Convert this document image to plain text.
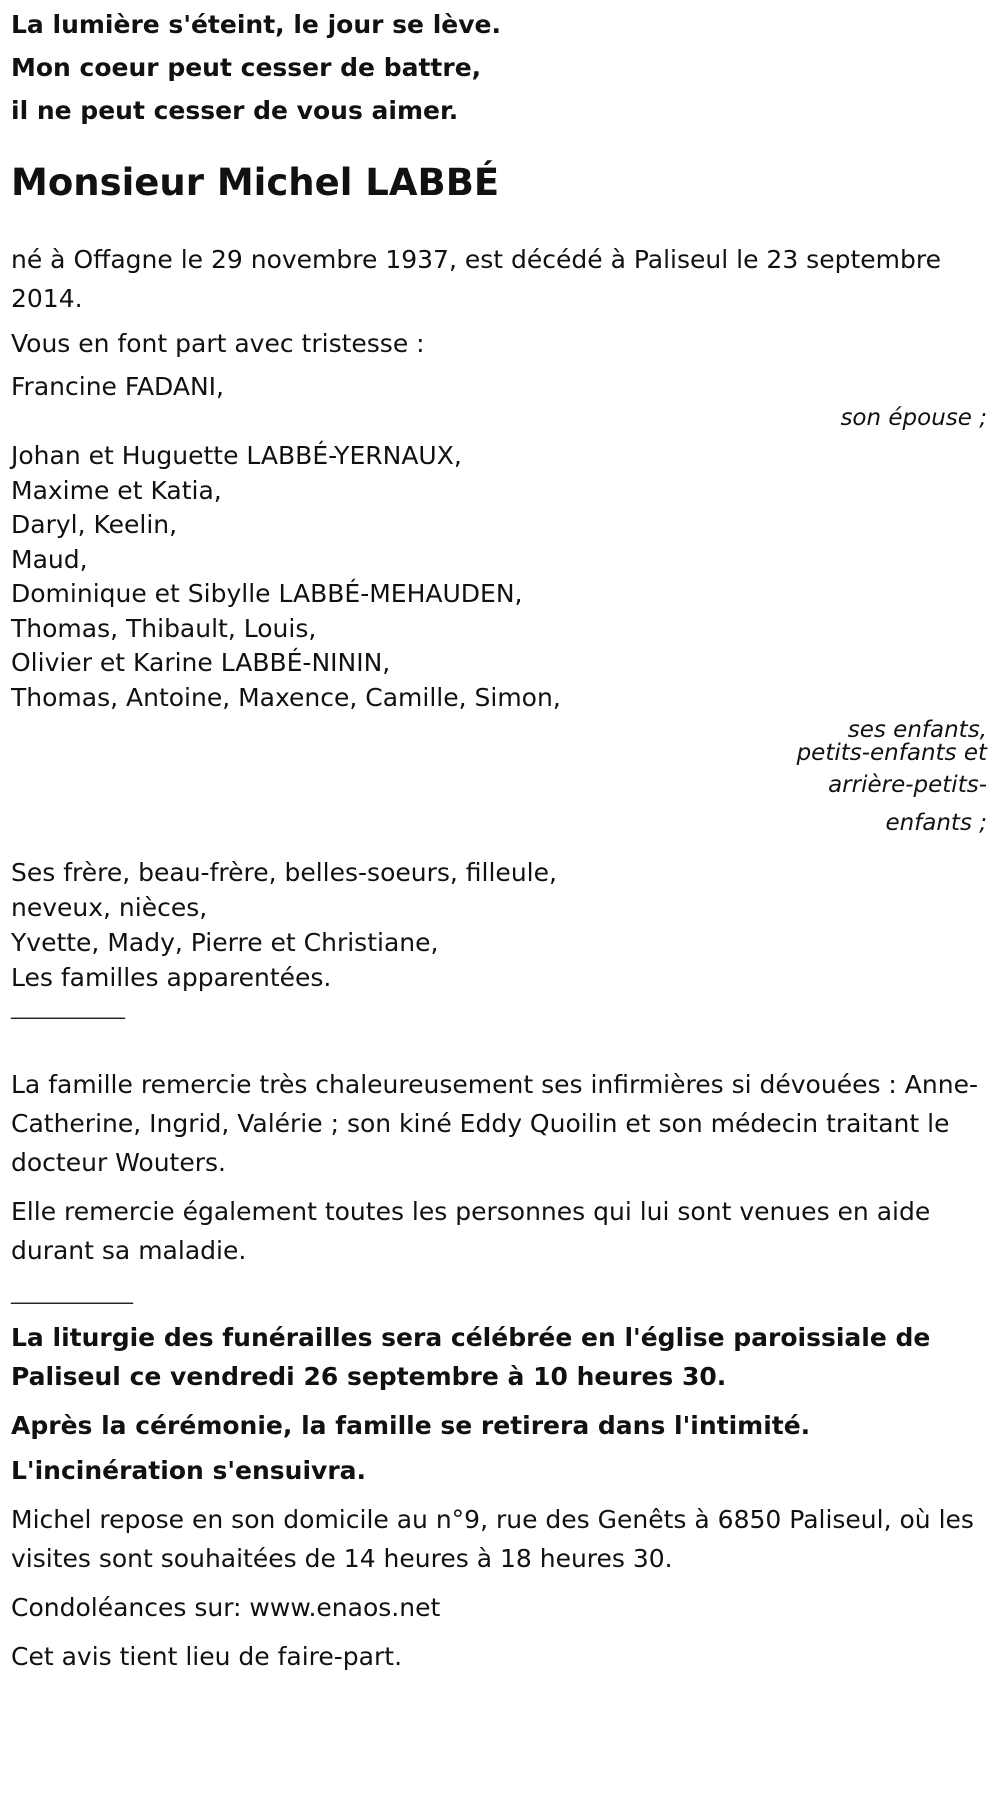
La lumière s'éteint, le jour se lève.
Mon coeur peut cesser de battre,
il ne peut cesser de vous aimer.
Monsieur Michel LABBÉ
né à Offagne le 29 novembre 1937, est décédé à Paliseul le 23 septembre 2014.
Vous en font part avec tristesse :
Francine FADANI,
son épouse ;
Johan et Huguette LABBÉ-YERNAUX,
Maxime et Katia,
Daryl, Keelin,
Maud,
Dominique et Sibylle LABBÉ-MEHAUDEN,
Thomas, Thibault, Louis,
Olivier et Karine LABBÉ-NININ,
Thomas, Antoine, Maxence, Camille, Simon,
ses enfants,
petits-enfants et
arrière-petits-
enfants ;
Ses frère, beau-frère, belles-soeurs, filleule,
neveux, nièces,
Yvette, Mady, Pierre et Christiane,
Les familles apparentées.
______________
La famille remercie très chaleureusement ses infirmières si dévouées : Anne-Catherine, Ingrid, Valérie ; son kiné Eddy Quoilin et son médecin traitant le docteur Wouters.
Elle remercie également toutes les personnes qui lui sont venues en aide durant sa maladie.
_______________
La liturgie des funérailles sera célébrée en l'église paroissiale de Paliseul ce vendredi 26 septembre à 10 heures 30.
Après la cérémonie, la famille se retirera dans l'intimité.
L'incinération s'ensuivra.
Michel repose en son domicile au n°9, rue des Genêts à 6850 Paliseul, où les visites sont souhaitées de 14 heures à 18 heures 30.
Condoléances sur: www.enaos.net
Cet avis tient lieu de faire-part.
